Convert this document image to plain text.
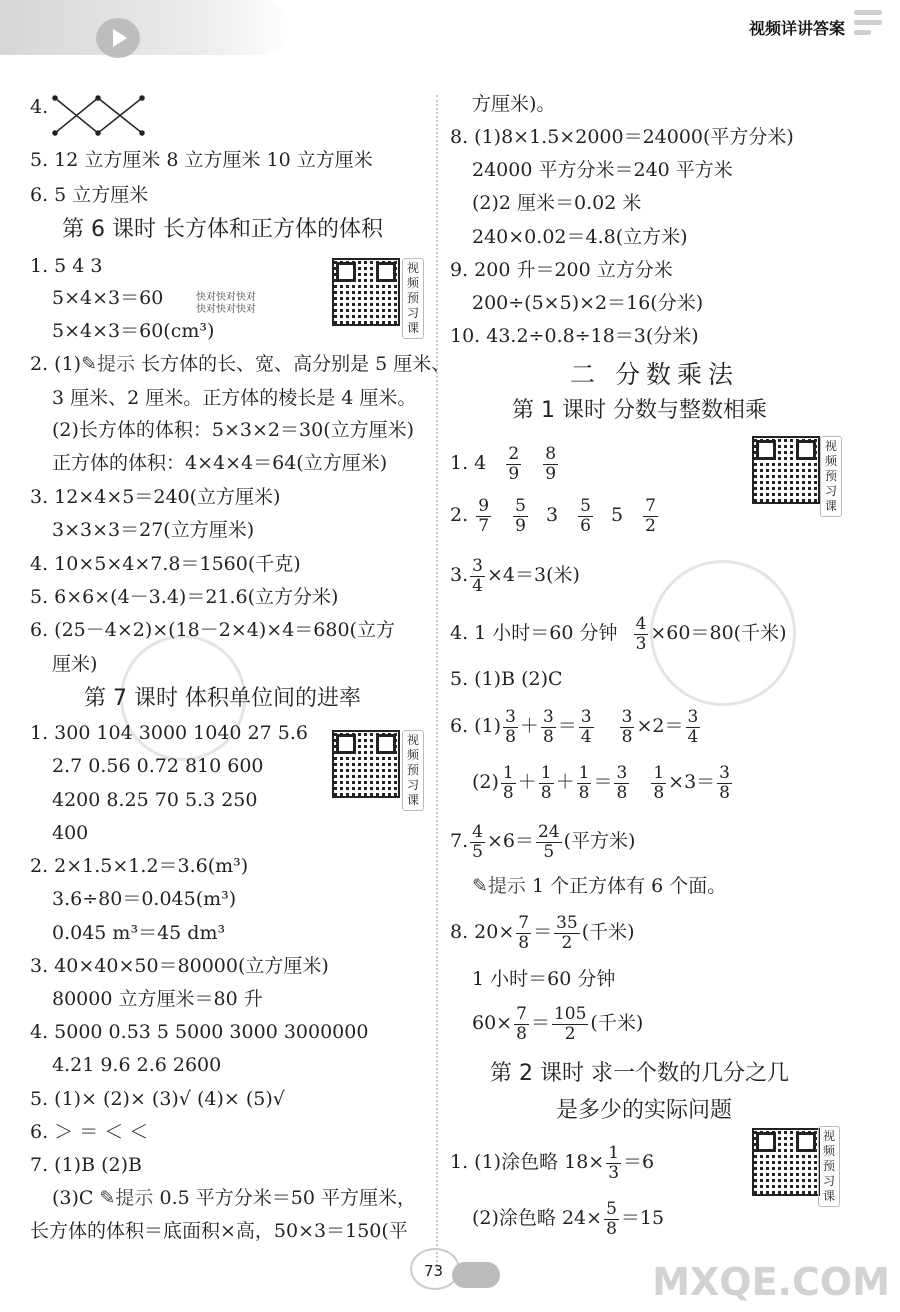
视频详讲答案
4.
5. 12 立方厘米 8 立方厘米 10 立方厘米
6. 5 立方厘米
第 6 课时 长方体和正方体的体积
1. 5 4 3
5×4×3＝60
5×4×3＝60(cm³)
快对快对快对
快对快对快对
视频预习课
2. (1)✎提示 长方体的长、宽、高分别是 5 厘米、
3 厘米、2 厘米。正方体的棱长是 4 厘米。
(2)长方体的体积：5×3×2＝30(立方厘米)
正方体的体积：4×4×4＝64(立方厘米)
3. 12×4×5＝240(立方厘米)
3×3×3＝27(立方厘米)
4. 10×5×4×7.8＝1560(千克)
5. 6×6×(4－3.4)＝21.6(立方分米)
6. (25－4×2)×(18－2×4)×4＝680(立方
厘米)
第 7 课时 体积单位间的进率
1. 300 104 3000 1040 27 5.6
2.7 0.56 0.72 810 600
4200 8.25 70 5.3 250
400
视频预习课
2. 2×1.5×1.2＝3.6(m³)
3.6÷80＝0.045(m³)
0.045 m³＝45 dm³
3. 40×40×50＝80000(立方厘米)
80000 立方厘米＝80 升
4. 5000 0.53 5 5000 3000 3000000
4.21 9.6 2.6 2600
5. (1)× (2)× (3)√ (4)× (5)√
6. ＞ ＝ ＜ ＜
7. (1)B (2)B
(3)C ✎提示 0.5 平方分米＝50 平方厘米，
长方体的体积＝底面积×高，50×3＝150(平
方厘米)。
8. (1)8×1.5×2000＝24000(平方分米)
24000 平方分米＝240 平方米
(2)2 厘米＝0.02 米
240×0.02＝4.8(立方米)
9. 200 升＝200 立方分米
200÷(5×5)×2＝16(分米)
10. 43.2÷0.8÷18＝3(分米)
二 分数乘法
第 1 课时 分数与整数相乘
视频预习课
1. $4 \frac{2}{9}$
$\frac{8}{9}$
2. $\frac{9}{7}$
$\frac{5}{9} 3 \frac{5}{6} 5 \frac{7}{2}$
3. $\frac{3}{4} \times 4=3$(米)
4. 1 小时＝60 分钟 $\frac{4}{3} \times 60=80$(千米)
5. (1)B (2)C
6. $(1) \frac{3}{8} + \frac{3}{8} = \frac{3}{4}$
$\frac{3}{8} \times 2= \frac{3}{4}$
$(2) \frac{1}{8} + \frac{1}{8} + \frac{1}{8} = \frac{3}{8}$
$\frac{1}{8} \times 3= \frac{3}{8}$
7. $\frac{4}{5} \times 6= \frac{24}{5}$ (平方米)
✎提示 1 个正方体有 6 个面。
8. $20\times \frac{7}{8} = \frac{35}{2}$ (千米)
1 小时＝60 分钟
$60\times \frac{7}{8} = \frac{105}{2}$ (千米)
第 2 课时 求一个数的几分之几
是多少的实际问题
视频预习课
1. (1)涂色略 $18\times \frac{1}{3} =6$
(2)涂色略 $24\times \frac{5}{8} =15$
73	MXQE.COM
